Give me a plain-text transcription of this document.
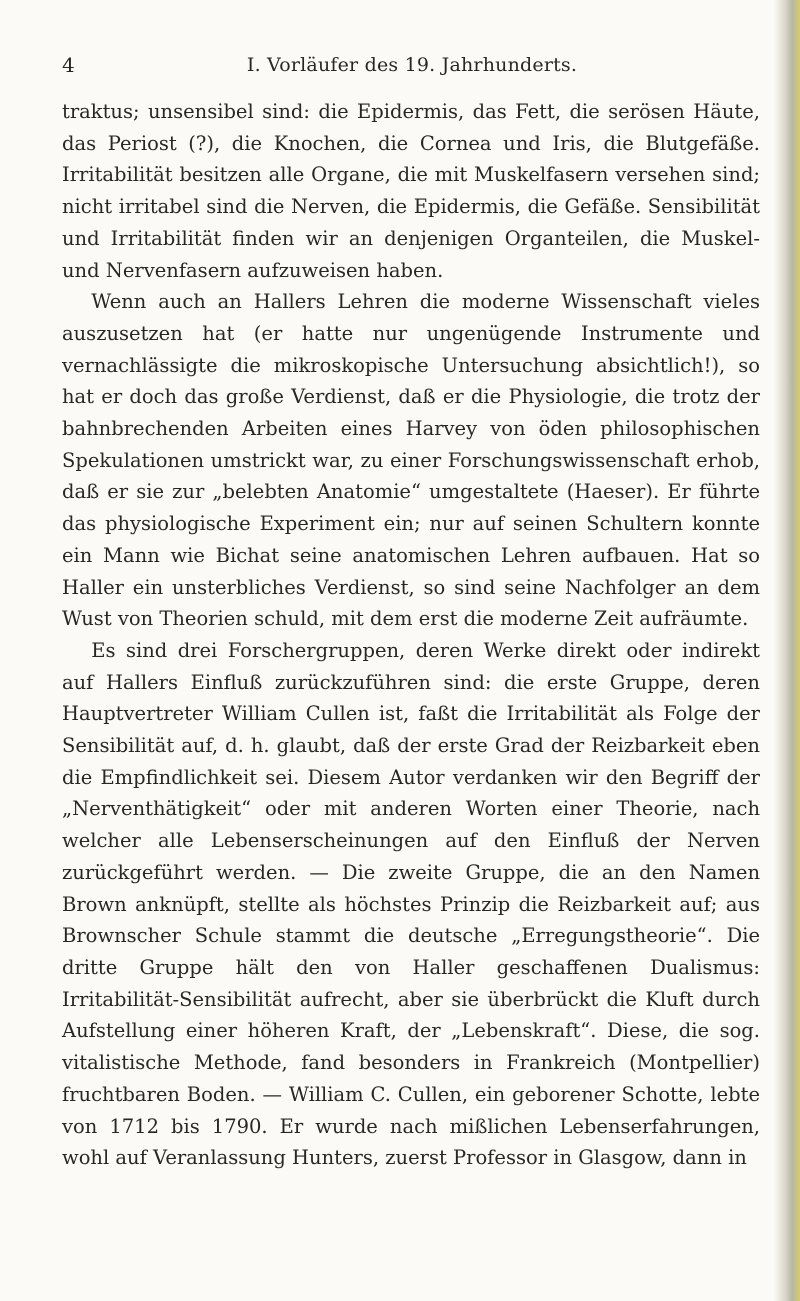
4	I. Vorläufer des 19. Jahrhunderts.

traktus; unsensibel sind: die Epidermis, das Fett, die serösen Häute, das Periost (?), die Knochen, die Cornea und Iris, die Blutgefäße. Irritabilität besitzen alle Organe, die mit Muskelfasern versehen sind; nicht irritabel sind die Nerven, die Epidermis, die Gefäße. Sensibilität und Irritabilität finden wir an denjenigen Organteilen, die Muskel- und Nervenfasern aufzuweisen haben.

Wenn auch an Hallers Lehren die moderne Wissenschaft vieles auszusetzen hat (er hatte nur ungenügende Instrumente und vernachlässigte die mikroskopische Untersuchung absichtlich!), so hat er doch das große Verdienst, daß er die Physiologie, die trotz der bahnbrechenden Arbeiten eines Harvey von öden philosophischen Spekulationen umstrickt war, zu einer Forschungswissenschaft erhob, daß er sie zur „belebten Anatomie“ umgestaltete (Haeser). Er führte das physiologische Experiment ein; nur auf seinen Schultern konnte ein Mann wie Bichat seine anatomischen Lehren aufbauen. Hat so Haller ein unsterbliches Verdienst, so sind seine Nachfolger an dem Wust von Theorien schuld, mit dem erst die moderne Zeit aufräumte.

Es sind drei Forschergruppen, deren Werke direkt oder indirekt auf Hallers Einfluß zurückzuführen sind: die erste Gruppe, deren Hauptvertreter William Cullen ist, faßt die Irritabilität als Folge der Sensibilität auf, d. h. glaubt, daß der erste Grad der Reizbarkeit eben die Empfindlichkeit sei. Diesem Autor verdanken wir den Begriff der „Nerventhätigkeit“ oder mit anderen Worten einer Theorie, nach welcher alle Lebenserscheinungen auf den Einfluß der Nerven zurückgeführt werden. — Die zweite Gruppe, die an den Namen Brown anknüpft, stellte als höchstes Prinzip die Reizbarkeit auf; aus Brownscher Schule stammt die deutsche „Erregungstheorie“. Die dritte Gruppe hält den von Haller geschaffenen Dualismus: Irritabilität-Sensibilität aufrecht, aber sie überbrückt die Kluft durch Aufstellung einer höheren Kraft, der „Lebenskraft“. Diese, die sog. vitalistische Methode, fand besonders in Frankreich (Montpellier) fruchtbaren Boden. — William C. Cullen, ein geborener Schotte, lebte von 1712 bis 1790. Er wurde nach mißlichen Lebenserfahrungen, wohl auf Veranlassung Hunters, zuerst Professor in Glasgow, dann in
